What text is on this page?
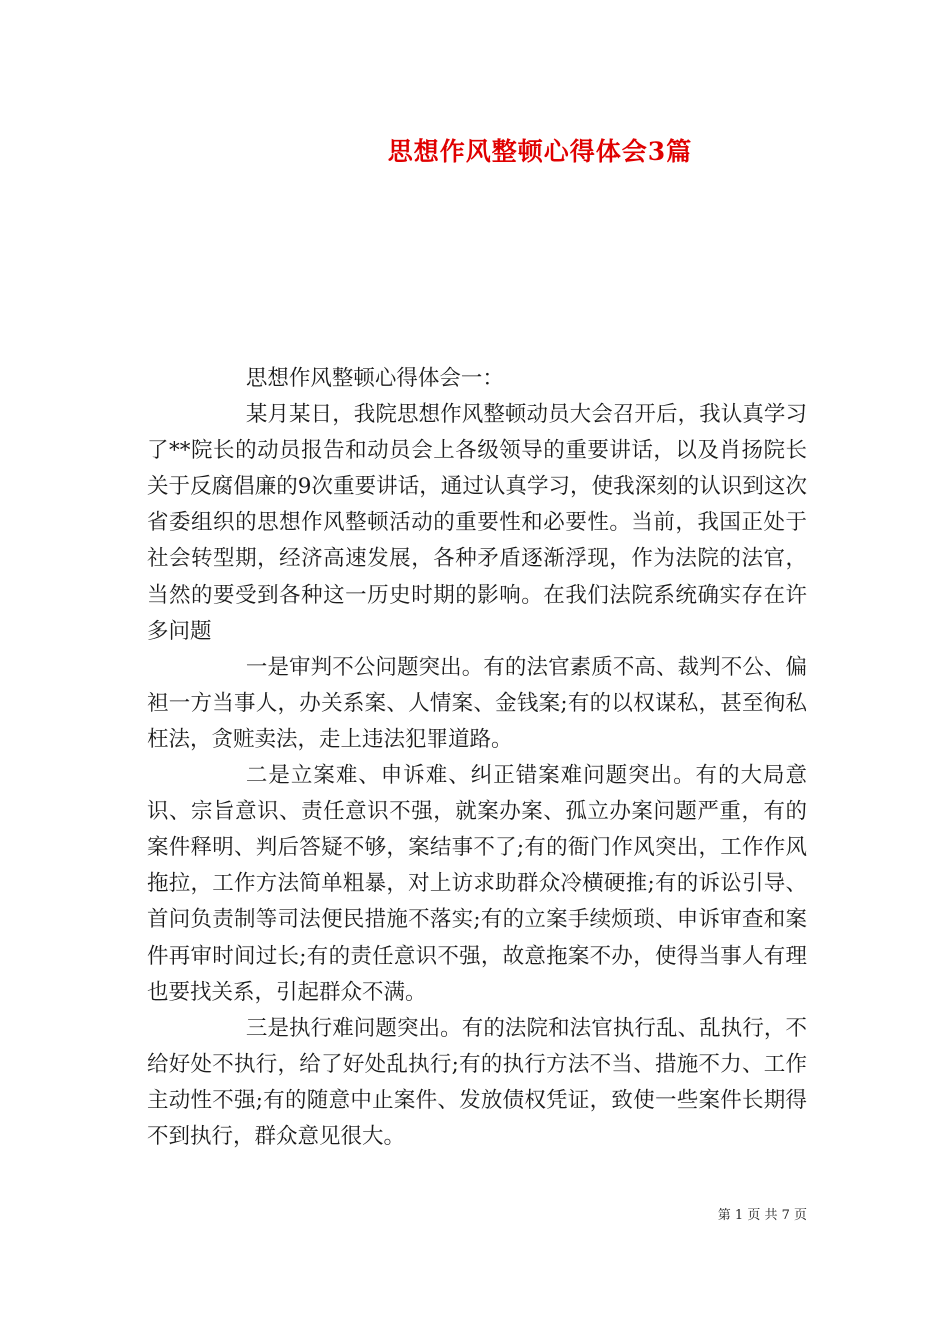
思想作风整顿心得体会3篇

思想作风整顿心得体会一：

某月某日，我院思想作风整顿动员大会召开后，我认真学习了**院长的动员报告和动员会上各级领导的重要讲话，以及肖扬院长关于反腐倡廉的9次重要讲话，通过认真学习，使我深刻的认识到这次省委组织的思想作风整顿活动的重要性和必要性。当前，我国正处于社会转型期，经济高速发展，各种矛盾逐渐浮现，作为法院的法官，当然的要受到各种这一历史时期的影响。在我们法院系统确实存在许多问题

一是审判不公问题突出。有的法官素质不高、裁判不公、偏袒一方当事人，办关系案、人情案、金钱案;有的以权谋私，甚至徇私枉法，贪赃卖法，走上违法犯罪道路。

二是立案难、申诉难、纠正错案难问题突出。有的大局意识、宗旨意识、责任意识不强，就案办案、孤立办案问题严重，有的案件释明、判后答疑不够，案结事不了;有的衙门作风突出，工作作风拖拉，工作方法简单粗暴，对上访求助群众冷横硬推;有的诉讼引导、首问负责制等司法便民措施不落实;有的立案手续烦琐、申诉审查和案件再审时间过长;有的责任意识不强，故意拖案不办，使得当事人有理也要找关系，引起群众不满。

三是执行难问题突出。有的法院和法官执行乱、乱执行，不给好处不执行，给了好处乱执行;有的执行方法不当、措施不力、工作主动性不强;有的随意中止案件、发放债权凭证，致使一些案件长期得不到执行，群众意见很大。

第 1 页 共 7 页
